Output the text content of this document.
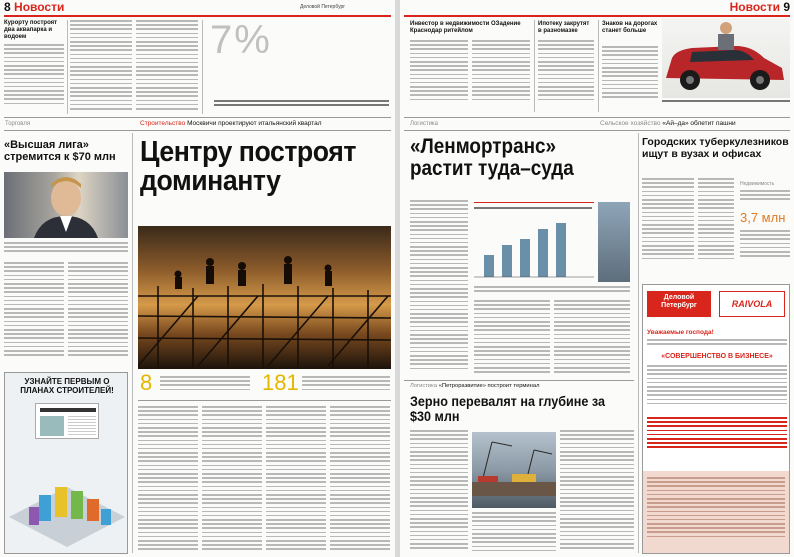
8 Новости	Деловой Петербург
Курорту построят два аквапарка и водоем	7%
Торговля	Строительство Москвичи проектируют итальянский квартал
«Высшая лига» стремится к $70 млн
УЗНАЙТЕ ПЕРВЫМ О ПЛАНАХ СТРОИТЕЛЕЙ!
Центру построят доминанту
8	181
Новости 9
Инвестор в недвижимости ОЗадение Краснодар ритейлом
Ипотеку закрутят в разномазке
Знаков на дорогах станет больше
Логистика	Сельское хозяйство «Ай–да» облетит пашни
«Ленмортранс» растит туда–суда
Логистика «Петроразвитие» построит терминал
Зерно перевалят на глубине за $30 млн
Городских туберкулезников ищут в вузах и офисах
Недвижимость
3,7 млн
Деловой Петербург	RAIVOLA
Уважаемые господа!
«СОВЕРШЕНСТВО В БИЗНЕСЕ»
